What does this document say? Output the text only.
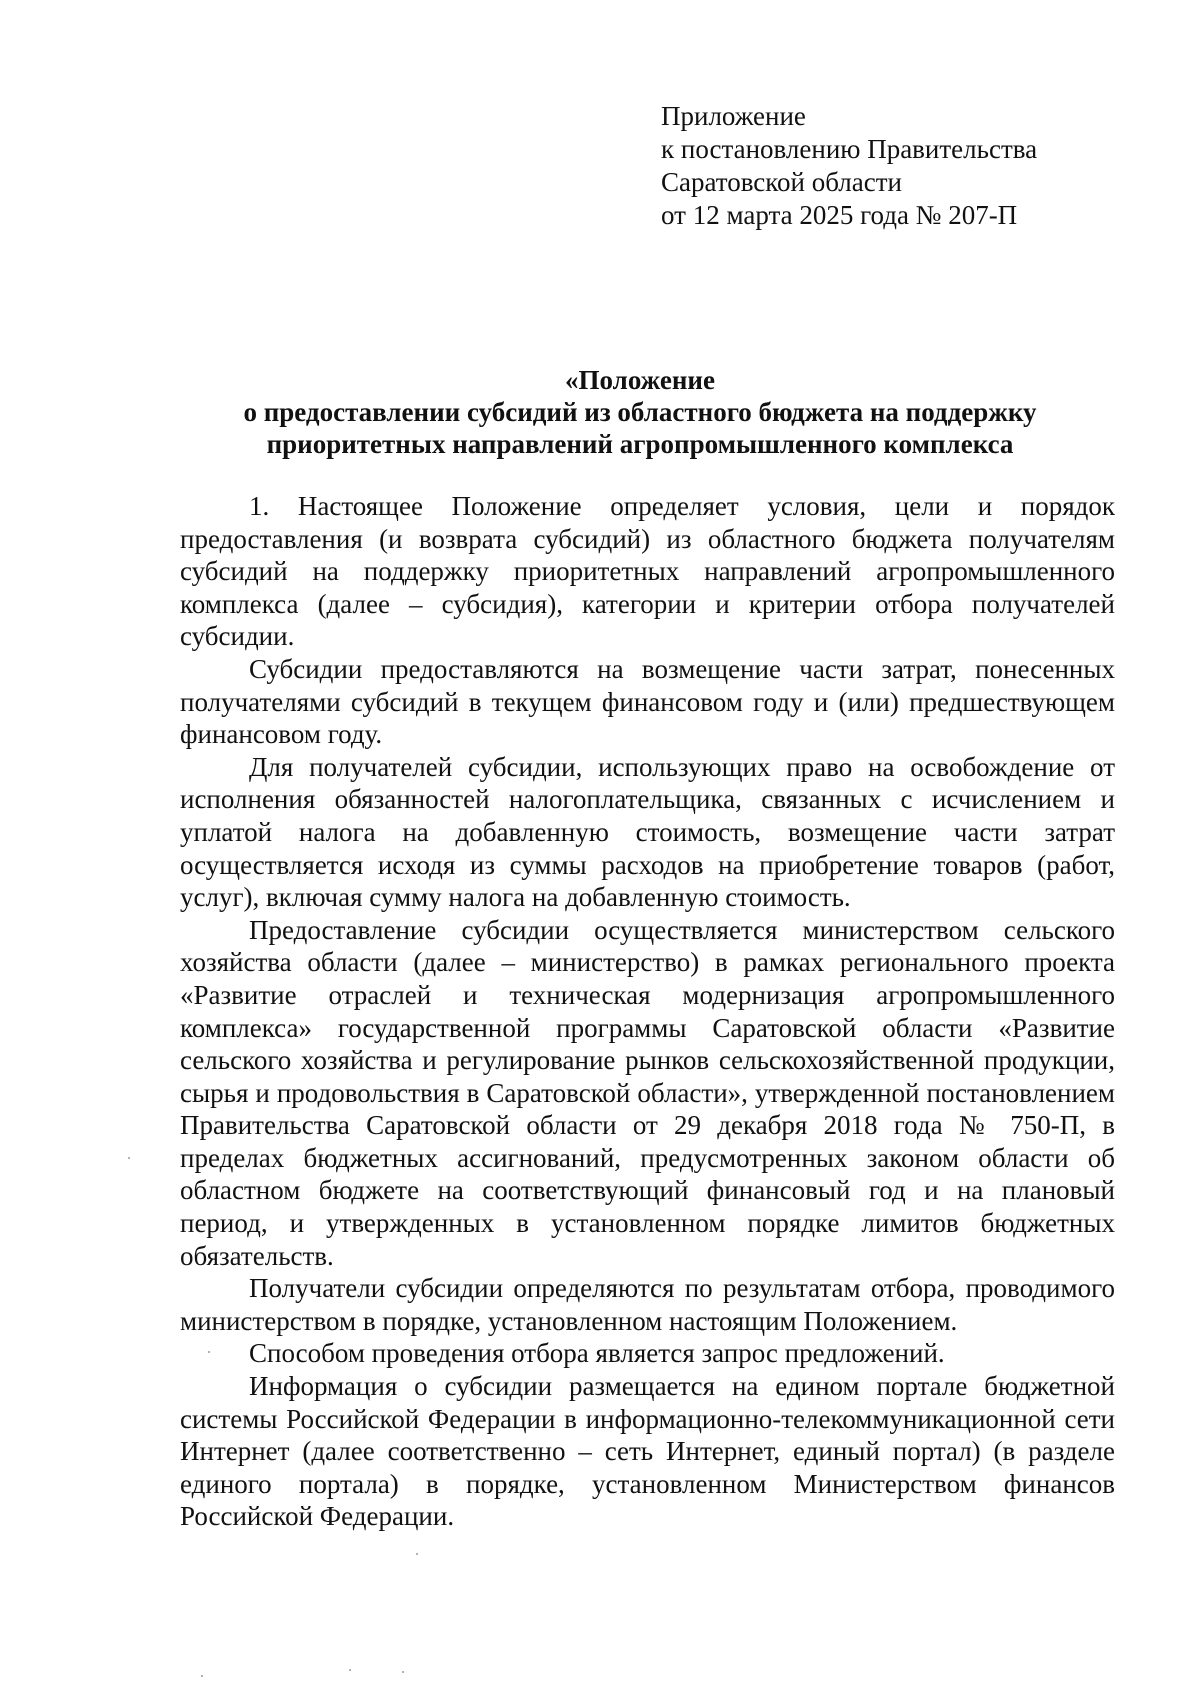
Приложение
к постановлению Правительства
Саратовской области
от 12 марта 2025 года № 207-П
«Положение
о предоставлении субсидий из областного бюджета на поддержку
приоритетных направлений агропромышленного комплекса

1. Настоящее Положение определяет условия, цели и порядок предоставления (и возврата субсидий) из областного бюджета получателям субсидий на поддержку приоритетных направлений агропромышленного комплекса (далее – субсидия), категории и критерии отбора получателей субсидии.

Субсидии предоставляются на возмещение части затрат, понесенных получателями субсидий в текущем финансовом году и (или) предшествующем финансовом году.

Для получателей субсидии, использующих право на освобождение от исполнения обязанностей налогоплательщика, связанных с исчислением и уплатой налога на добавленную стоимость, возмещение части затрат осуществляется исходя из суммы расходов на приобретение товаров (работ, услуг), включая сумму налога на добавленную стоимость.

Предоставление субсидии осуществляется министерством сельского хозяйства области (далее – министерство) в рамках регионального проекта «Развитие отраслей и техническая модернизация агропромышленного комплекса» государственной программы Саратовской области «Развитие сельского хозяйства и регулирование рынков сельскохозяйственной продукции, сырья и продовольствия в Саратовской области», утвержденной постановлением Правительства Саратовской области от 29 декабря 2018 года № 750-П, в пределах бюджетных ассигнований, предусмотренных законом области об областном бюджете на соответствующий финансовый год и на плановый период, и утвержденных в установленном порядке лимитов бюджетных обязательств.

Получатели субсидии определяются по результатам отбора, проводимого министерством в порядке, установленном настоящим Положением.

Способом проведения отбора является запрос предложений.

Информация о субсидии размещается на едином портале бюджетной системы Российской Федерации в информационно-телекоммуникационной сети Интернет (далее соответственно – сеть Интернет, единый портал) (в разделе единого портала) в порядке, установленном Министерством финансов Российской Федерации.
